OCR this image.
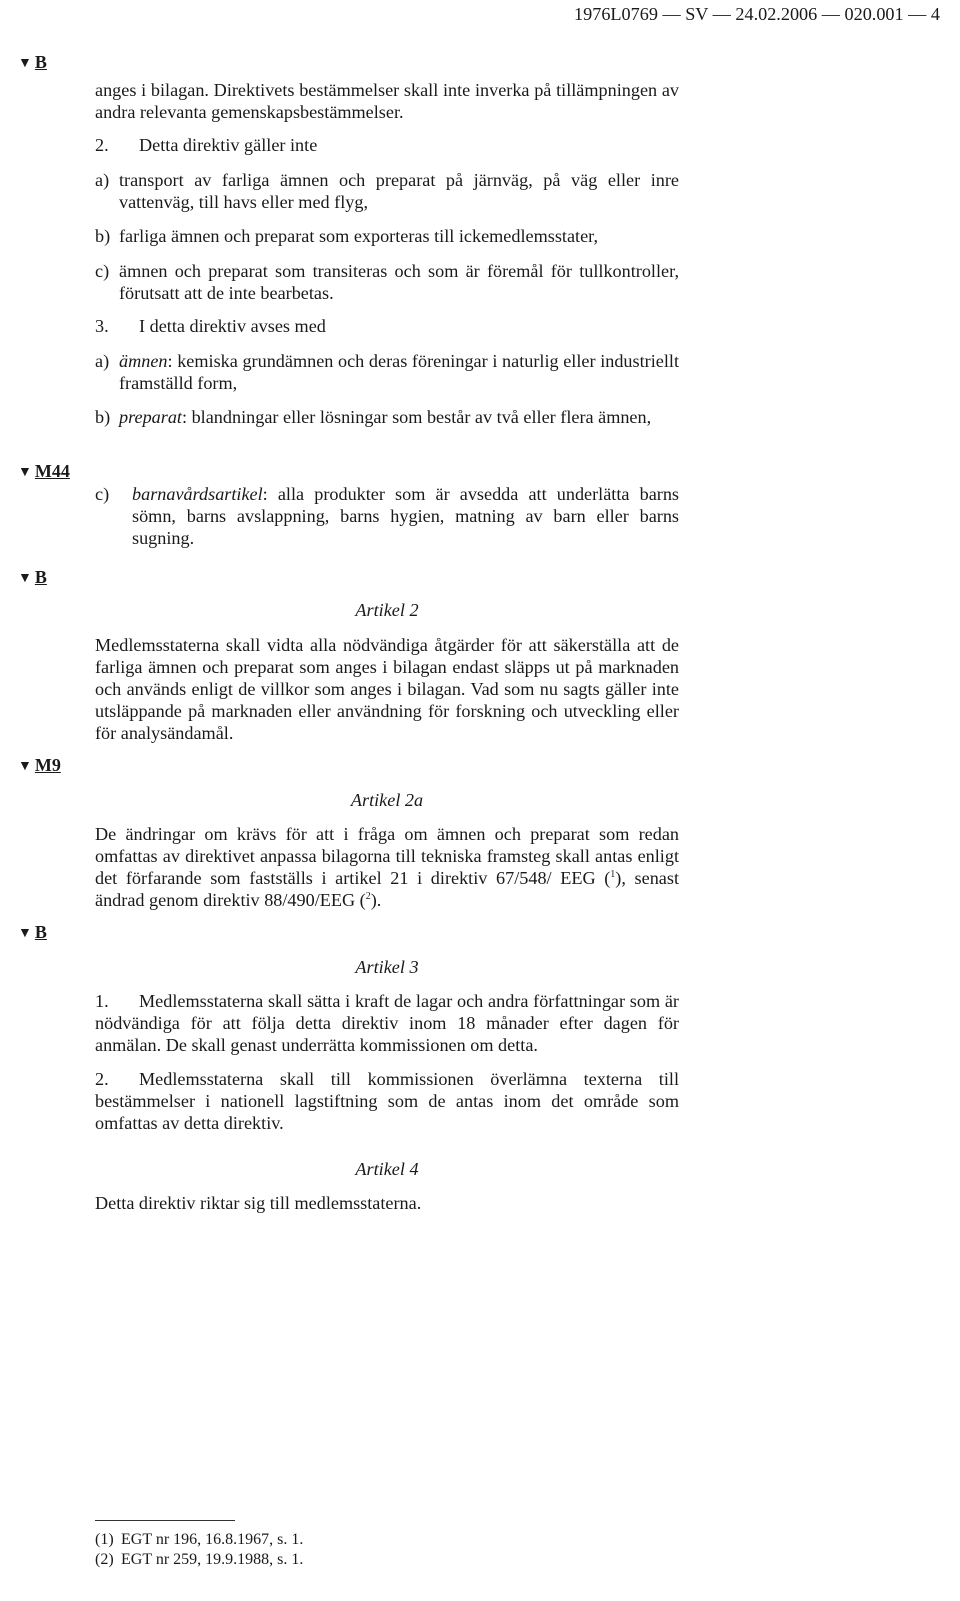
1976L0769 — SV — 24.02.2006 — 020.001 — 4
▼ B
▼ M44
▼ B
▼ M9
▼ B
anges i bilagan. Direktivets bestämmelser skall inte inverka på tillämpningen av andra relevanta gemenskapsbestämmelser.
2. Detta direktiv gäller inte
a) transport av farliga ämnen och preparat på järnväg, på väg eller inre vattenväg, till havs eller med flyg,
b) farliga ämnen och preparat som exporteras till ickemedlemsstater,
c) ämnen och preparat som transiteras och som är föremål för tullkontroller, förutsatt att de inte bearbetas.
3. I detta direktiv avses med
a) ämnen: kemiska grundämnen och deras föreningar i naturlig eller industriellt framställd form,
b) preparat: blandningar eller lösningar som består av två eller flera ämnen,
c) barnavårdsartikel: alla produkter som är avsedda att underlätta barns sömn, barns avslappning, barns hygien, matning av barn eller barns sugning.
Artikel 2
Medlemsstaterna skall vidta alla nödvändiga åtgärder för att säkerställa att de farliga ämnen och preparat som anges i bilagan endast släpps ut på marknaden och används enligt de villkor som anges i bilagan. Vad som nu sagts gäller inte utsläppande på marknaden eller användning för forskning och utveckling eller för analysändamål.
Artikel 2a
De ändringar om krävs för att i fråga om ämnen och preparat som redan omfattas av direktivet anpassa bilagorna till tekniska framsteg skall antas enligt det förfarande som fastställs i artikel 21 i direktiv 67/548/ EEG ($^1$), senast ändrad genom direktiv 88/490/EEG ($^2$).
Artikel 3
1. Medlemsstaterna skall sätta i kraft de lagar och andra författningar som är nödvändiga för att följa detta direktiv inom 18 månader efter dagen för anmälan. De skall genast underrätta kommissionen om detta.
2. Medlemsstaterna skall till kommissionen överlämna texterna till bestämmelser i nationell lagstiftning som de antas inom det område som omfattas av detta direktiv.
Artikel 4
Detta direktiv riktar sig till medlemsstaterna.
(1) EGT nr 196, 16.8.1967, s. 1.
(2) EGT nr 259, 19.9.1988, s. 1.
